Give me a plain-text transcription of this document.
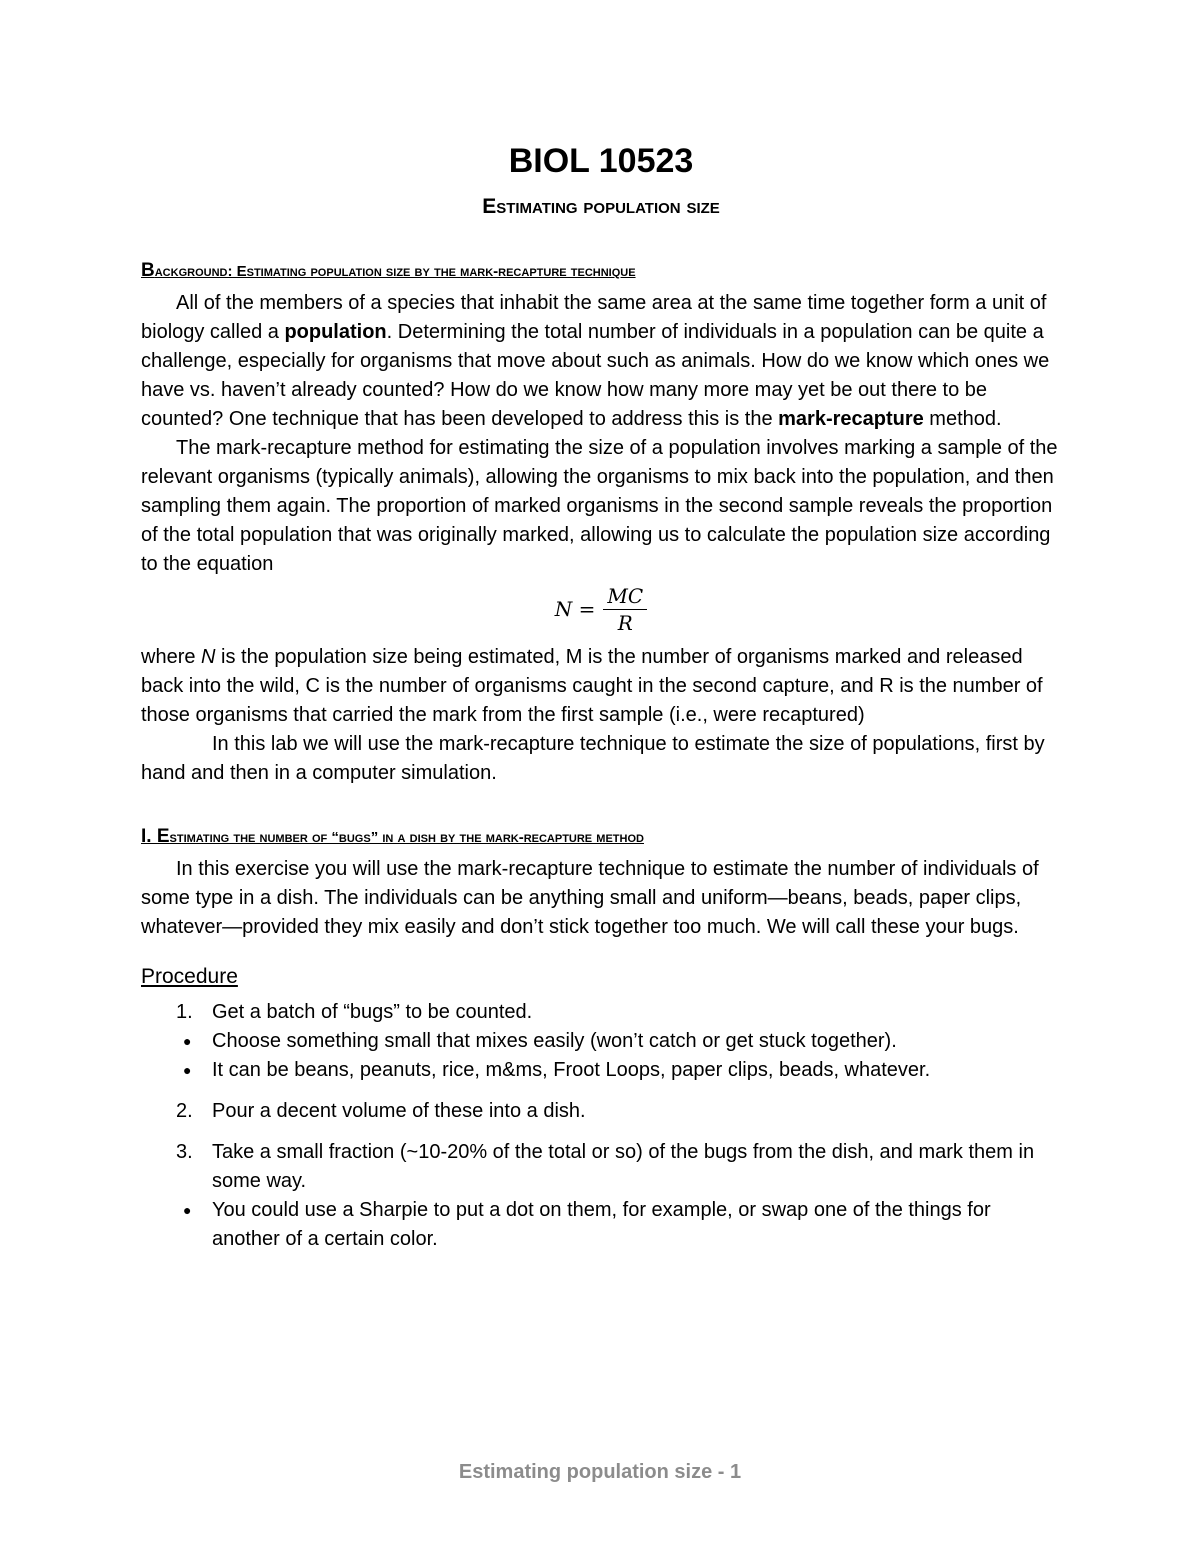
BIOL 10523
Estimating population size

Background: Estimating population size by the mark-recapture technique

All of the members of a species that inhabit the same area at the same time together form a unit of biology called a population. Determining the total number of individuals in a population can be quite a challenge, especially for organisms that move about such as animals. How do we know which ones we have vs. haven’t already counted? How do we know how many more may yet be out there to be counted? One technique that has been developed to address this is the mark-recapture method.

The mark-recapture method for estimating the size of a population involves marking a sample of the relevant organisms (typically animals), allowing the organisms to mix back into the population, and then sampling them again. The proportion of marked organisms in the second sample reveals the proportion of the total population that was originally marked, allowing us to calculate the population size according to the equation

$N = \frac{MC}{R}$

where N is the population size being estimated, M is the number of organisms marked and released back into the wild, C is the number of organisms caught in the second capture, and R is the number of those organisms that carried the mark from the first sample (i.e., were recaptured)

In this lab we will use the mark-recapture technique to estimate the size of populations, first by hand and then in a computer simulation.

I. Estimating the number of “bugs” in a dish by the mark-recapture method

In this exercise you will use the mark-recapture technique to estimate the number of individuals of some type in a dish. The individuals can be anything small and uniform—beans, beads, paper clips, whatever—provided they mix easily and don’t stick together too much. We will call these your bugs.

Procedure

1. Get a batch of “bugs” to be counted.
● Choose something small that mixes easily (won’t catch or get stuck together).
● It can be beans, peanuts, rice, m&ms, Froot Loops, paper clips, beads, whatever.
2. Pour a decent volume of these into a dish.
3. Take a small fraction (~10-20% of the total or so) of the bugs from the dish, and mark them in some way.
● You could use a Sharpie to put a dot on them, for example, or swap one of the things for another of a certain color.
Estimating population size - 1
